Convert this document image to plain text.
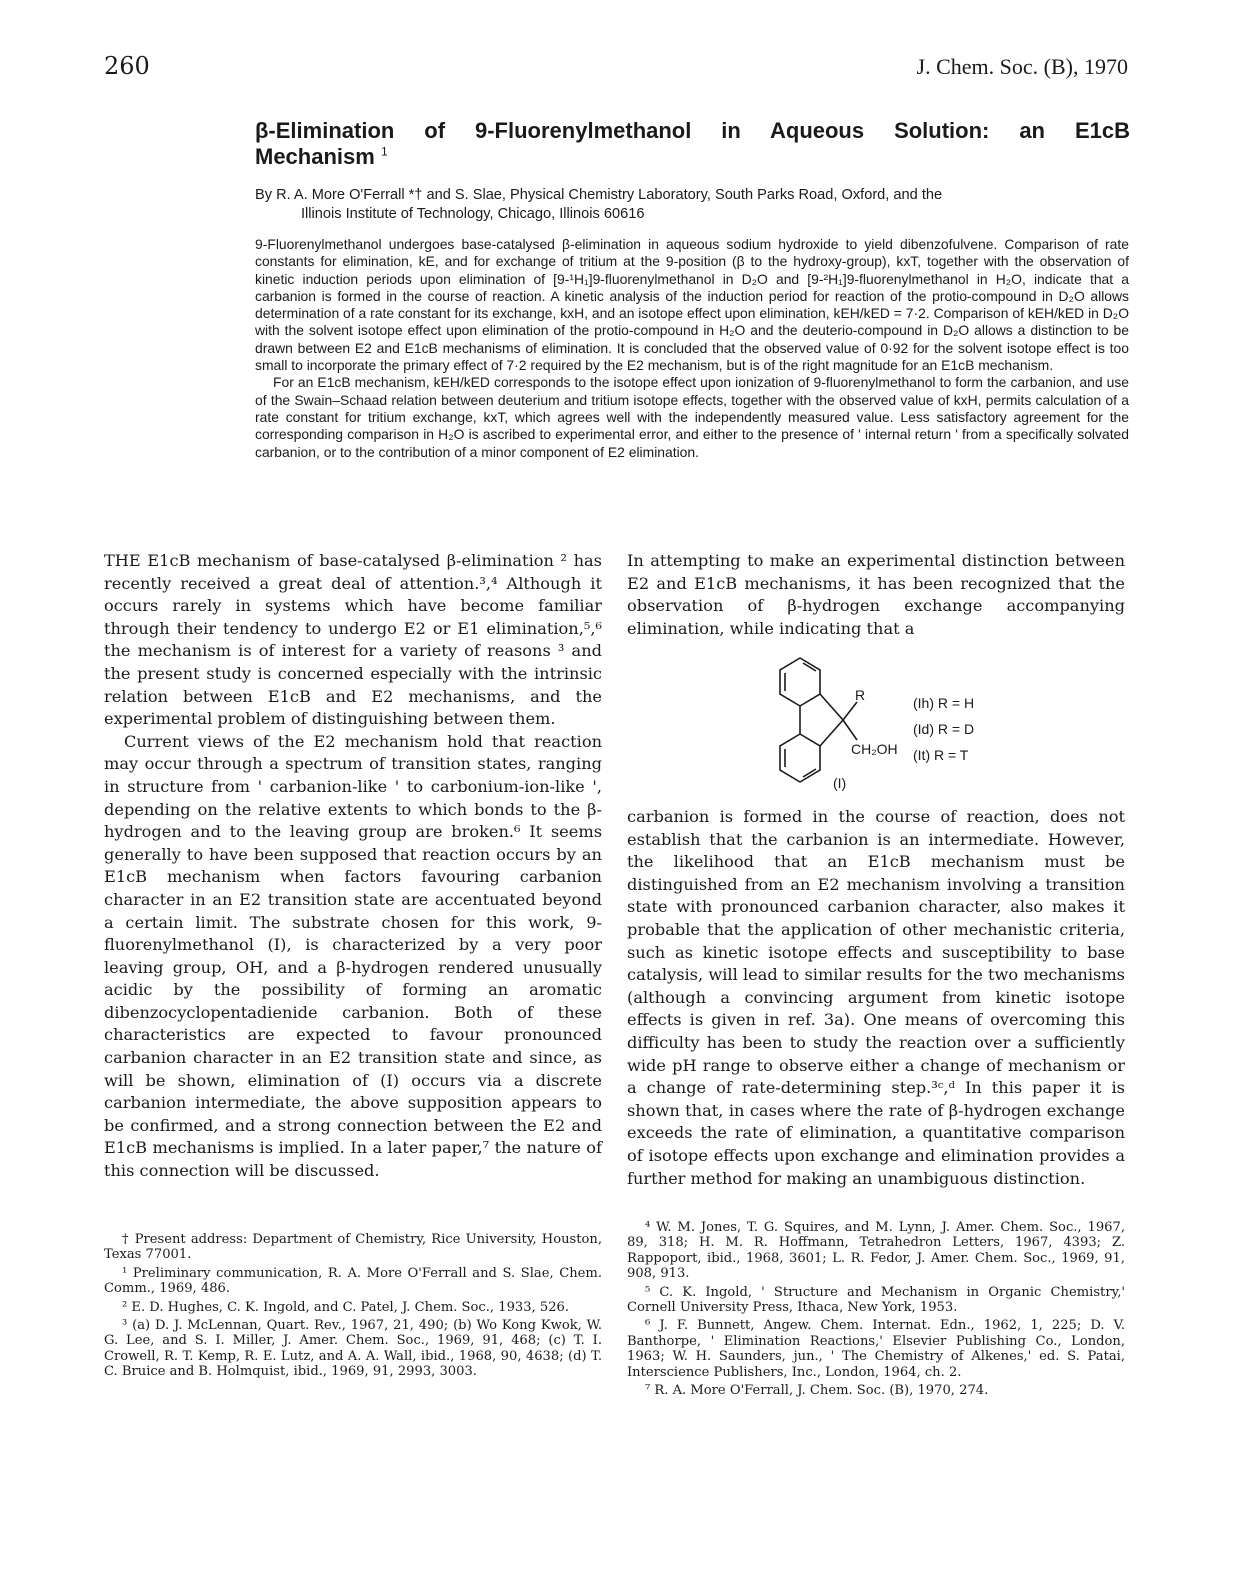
260	J. Chem. Soc. (B), 1970
β-Elimination of 9-Fluorenylmethanol in Aqueous Solution: an E1cB
Mechanism $^1$
By R. A. More O'Ferrall *† and S. Slae, Physical Chemistry Laboratory, South Parks Road, Oxford, and the
Illinois Institute of Technology, Chicago, Illinois 60616

9-Fluorenylmethanol undergoes base-catalysed β-elimination in aqueous sodium hydroxide to yield dibenzofulvene. Comparison of rate constants for elimination, kE, and for exchange of tritium at the 9-position (β to the hydroxy-group), kxT, together with the observation of kinetic induction periods upon elimination of [9-¹H₁]9-fluorenylmethanol in D₂O and [9-²H₁]9-fluorenylmethanol in H₂O, indicate that a carbanion is formed in the course of reaction. A kinetic analysis of the induction period for reaction of the protio-compound in D₂O allows determination of a rate constant for its exchange, kxH, and an isotope effect upon elimination, kEH/kED = 7·2. Comparison of kEH/kED in D₂O with the solvent isotope effect upon elimination of the protio-compound in H₂O and the deuterio-compound in D₂O allows a distinction to be drawn between E2 and E1cB mechanisms of elimination. It is concluded that the observed value of 0·92 for the solvent isotope effect is too small to incorporate the primary effect of 7·2 required by the E2 mechanism, but is of the right magnitude for an E1cB mechanism.

For an E1cB mechanism, kEH/kED corresponds to the isotope effect upon ionization of 9-fluorenylmethanol to form the carbanion, and use of the Swain–Schaad relation between deuterium and tritium isotope effects, together with the observed value of kxH, permits calculation of a rate constant for tritium exchange, kxT, which agrees well with the independently measured value. Less satisfactory agreement for the corresponding comparison in H₂O is ascribed to experimental error, and either to the presence of ' internal return ' from a specifically solvated carbanion, or to the contribution of a minor component of E2 elimination.

THE E1cB mechanism of base-catalysed β-elimination ² has recently received a great deal of attention.³,⁴ Although it occurs rarely in systems which have become familiar through their tendency to undergo E2 or E1 elimination,⁵,⁶ the mechanism is of interest for a variety of reasons ³ and the present study is concerned especially with the intrinsic relation between E1cB and E2 mechanisms, and the experimental problem of distinguishing between them.

Current views of the E2 mechanism hold that reaction may occur through a spectrum of transition states, ranging in structure from ' carbanion-like ' to carbonium-ion-like ', depending on the relative extents to which bonds to the β-hydrogen and to the leaving group are broken.⁶ It seems generally to have been supposed that reaction occurs by an E1cB mechanism when factors favouring carbanion character in an E2 transition state are accentuated beyond a certain limit. The substrate chosen for this work, 9-fluorenylmethanol (I), is characterized by a very poor leaving group, OH, and a β-hydrogen rendered unusually acidic by the possibility of forming an aromatic dibenzocyclopentadienide carbanion. Both of these characteristics are expected to favour pronounced carbanion character in an E2 transition state and since, as will be shown, elimination of (I) occurs via a discrete carbanion intermediate, the above supposition appears to be confirmed, and a strong connection between the E2 and E1cB mechanisms is implied. In a later paper,⁷ the nature of this connection will be discussed.

In attempting to make an experimental distinction between E2 and E1cB mechanisms, it has been recognized that the observation of β-hydrogen exchange accompanying elimination, while indicating that a

R
CH₂OH
(I)
(Ih) R = H
(Id) R = D
(It) R = T

carbanion is formed in the course of reaction, does not establish that the carbanion is an intermediate. However, the likelihood that an E1cB mechanism must be distinguished from an E2 mechanism involving a transition state with pronounced carbanion character, also makes it probable that the application of other mechanistic criteria, such as kinetic isotope effects and susceptibility to base catalysis, will lead to similar results for the two mechanisms (although a convincing argument from kinetic isotope effects is given in ref. 3a). One means of overcoming this difficulty has been to study the reaction over a sufficiently wide pH range to observe either a change of mechanism or a change of rate-determining step.³ᶜ,ᵈ In this paper it is shown that, in cases where the rate of β-hydrogen exchange exceeds the rate of elimination, a quantitative comparison of isotope effects upon exchange and elimination provides a further method for making an unambiguous distinction.

† Present address: Department of Chemistry, Rice University, Houston, Texas 77001.

¹ Preliminary communication, R. A. More O'Ferrall and S. Slae, Chem. Comm., 1969, 486.

² E. D. Hughes, C. K. Ingold, and C. Patel, J. Chem. Soc., 1933, 526.

³ (a) D. J. McLennan, Quart. Rev., 1967, 21, 490; (b) Wo Kong Kwok, W. G. Lee, and S. I. Miller, J. Amer. Chem. Soc., 1969, 91, 468; (c) T. I. Crowell, R. T. Kemp, R. E. Lutz, and A. A. Wall, ibid., 1968, 90, 4638; (d) T. C. Bruice and B. Holmquist, ibid., 1969, 91, 2993, 3003.

⁴ W. M. Jones, T. G. Squires, and M. Lynn, J. Amer. Chem. Soc., 1967, 89, 318; H. M. R. Hoffmann, Tetrahedron Letters, 1967, 4393; Z. Rappoport, ibid., 1968, 3601; L. R. Fedor, J. Amer. Chem. Soc., 1969, 91, 908, 913.

⁵ C. K. Ingold, ' Structure and Mechanism in Organic Chemistry,' Cornell University Press, Ithaca, New York, 1953.

⁶ J. F. Bunnett, Angew. Chem. Internat. Edn., 1962, 1, 225; D. V. Banthorpe, ' Elimination Reactions,' Elsevier Publishing Co., London, 1963; W. H. Saunders, jun., ' The Chemistry of Alkenes,' ed. S. Patai, Interscience Publishers, Inc., London, 1964, ch. 2.

⁷ R. A. More O'Ferrall, J. Chem. Soc. (B), 1970, 274.
